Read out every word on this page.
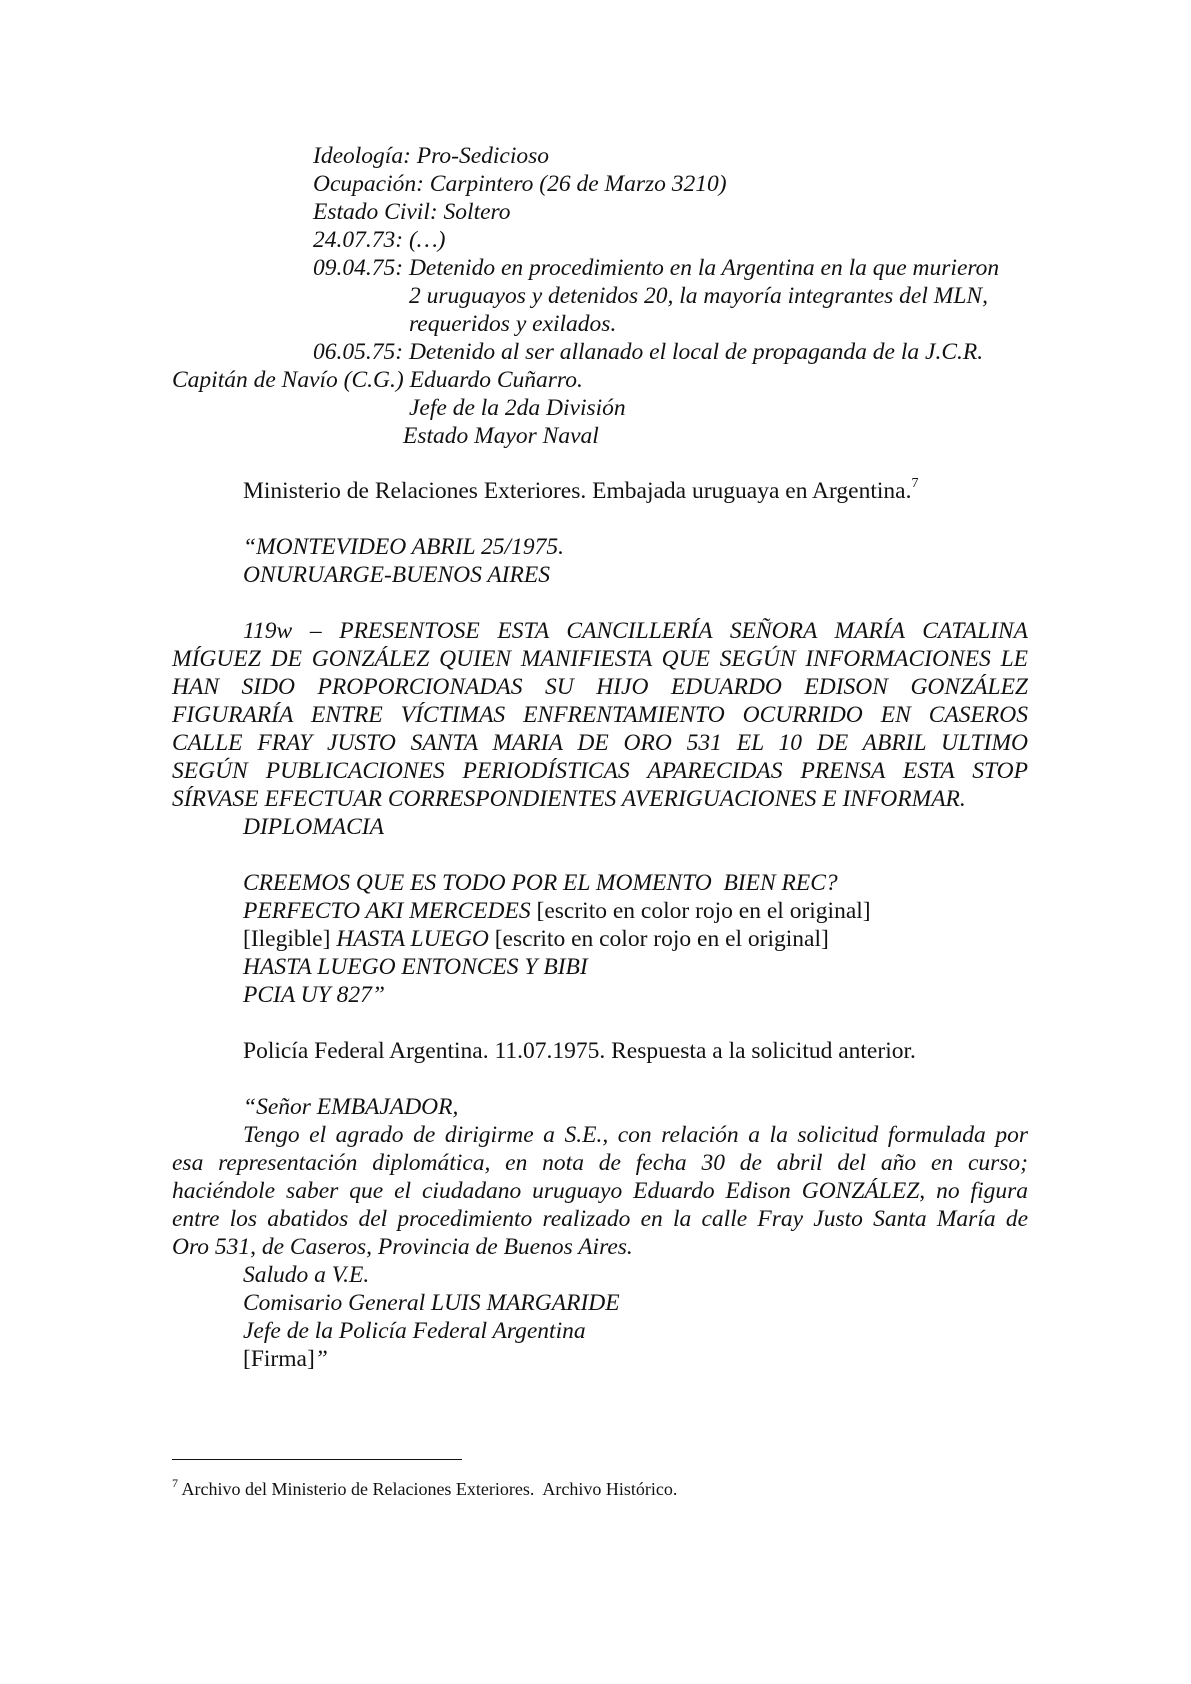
Ideología: Pro-Sedicioso
Ocupación: Carpintero (26 de Marzo 3210)
Estado Civil: Soltero
24.07.73: (…)
09.04.75: Detenido en procedimiento en la Argentina en la que murieron
2 uruguayos y detenidos 20, la mayoría integrantes del MLN,
requeridos y exilados.
06.05.75: Detenido al ser allanado el local de propaganda de la J.C.R.
Capitán de Navío (C.G.) Eduardo Cuñarro.
Jefe de la 2da División
Estado Mayor Naval
Ministerio de Relaciones Exteriores. Embajada uruguaya en Argentina.$^7$
“MONTEVIDEO ABRIL 25/1975.
ONURUARGE-BUENOS AIRES
119w – PRESENTOSE ESTA CANCILLERÍA SEÑORA MARÍA CATALINA
MÍGUEZ DE GONZÁLEZ QUIEN MANIFIESTA QUE SEGÚN INFORMACIONES LE
HAN SIDO PROPORCIONADAS SU HIJO EDUARDO EDISON GONZÁLEZ
FIGURARÍA ENTRE VÍCTIMAS ENFRENTAMIENTO OCURRIDO EN CASEROS
CALLE FRAY JUSTO SANTA MARIA DE ORO 531 EL 10 DE ABRIL ULTIMO
SEGÚN PUBLICACIONES PERIODÍSTICAS APARECIDAS PRENSA ESTA STOP
SÍRVASE EFECTUAR CORRESPONDIENTES AVERIGUACIONES E INFORMAR.
DIPLOMACIA
CREEMOS QUE ES TODO POR EL MOMENTO  BIEN REC?
PERFECTO AKI MERCEDES [escrito en color rojo en el original]
[Ilegible] HASTA LUEGO [escrito en color rojo en el original]
HASTA LUEGO ENTONCES Y BIBI
PCIA UY 827”
Policía Federal Argentina. 11.07.1975. Respuesta a la solicitud anterior.
“Señor EMBAJADOR,
Tengo el agrado de dirigirme a S.E., con relación a la solicitud formulada por
esa representación diplomática, en nota de fecha 30 de abril del año en curso;
haciéndole saber que el ciudadano uruguayo Eduardo Edison GONZÁLEZ, no figura
entre los abatidos del procedimiento realizado en la calle Fray Justo Santa María de
Oro 531, de Caseros, Provincia de Buenos Aires.
Saludo a V.E.
Comisario General LUIS MARGARIDE
Jefe de la Policía Federal Argentina
[Firma]”
$^7$ Archivo del Ministerio de Relaciones Exteriores.  Archivo Histórico.
